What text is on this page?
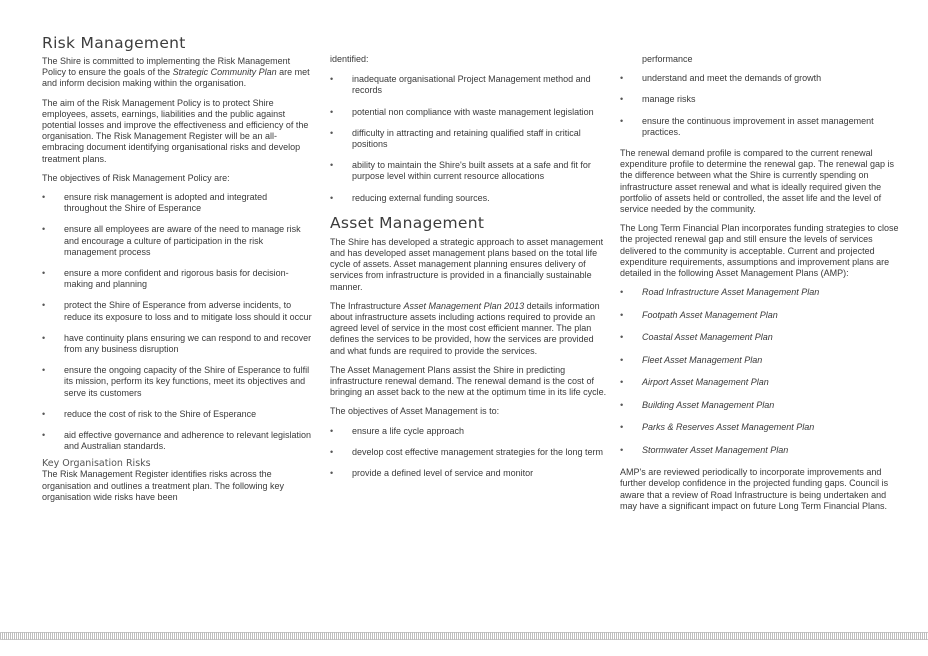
Risk Management

The Shire is committed to implementing the Risk Management Policy to ensure the goals of the Strategic Community Plan are met and inform decision making within the organisation.

The aim of the Risk Management Policy is to protect Shire employees, assets, earnings, liabilities and the public against potential losses and improve the effectiveness and efficiency of the organisation. The Risk Management Register will be an all-embracing document identifying organisational risks and develop treatment plans.

The objectives of Risk Management Policy are:

• ensure risk management is adopted and integrated throughout the Shire of Esperance
• ensure all employees are aware of the need to manage risk and encourage a culture of participation in the risk management process
• ensure a more confident and rigorous basis for decision-making and planning
• protect the Shire of Esperance from adverse incidents, to reduce its exposure to loss and to mitigate loss should it occur
• have continuity plans ensuring we can respond to and recover from any business disruption
• ensure the ongoing capacity of the Shire of Esperance to fulfil its mission, perform its key functions, meet its objectives and serve its customers
• reduce the cost of risk to the Shire of Esperance
• aid effective governance and adherence to relevant legislation and Australian standards.
Key Organisation Risks

The Risk Management Register identifies risks across the organisation and outlines a treatment plan. The following key organisation wide risks have been

identified:

• inadequate organisational Project Management method and records
• potential non compliance with waste management legislation
• difficulty in attracting and retaining qualified staff in critical positions
• ability to maintain the Shire's built assets at a safe and fit for purpose level within current resource allocations
• reducing external funding sources.
Asset Management

The Shire has developed a strategic approach to asset management and has developed asset management plans based on the total life cycle of assets. Asset management planning ensures delivery of services from infrastructure is provided in a financially sustainable manner.

The Infrastructure Asset Management Plan 2013 details information about infrastructure assets including actions required to provide an agreed level of service in the most cost efficient manner. The plan defines the services to be provided, how the services are provided and what funds are required to provide the services.

The Asset Management Plans assist the Shire in predicting infrastructure renewal demand. The renewal demand is the cost of bringing an asset back to the new at the optimum time in its life cycle.

The objectives of Asset Management is to:

• ensure a life cycle approach
• develop cost effective management strategies for the long term
• provide a defined level of service and monitor

performance

• understand and meet the demands of growth
• manage risks
• ensure the continuous improvement in asset management practices.

The renewal demand profile is compared to the current renewal expenditure profile to determine the renewal gap. The renewal gap is the difference between what the Shire is currently spending on infrastructure asset renewal and what is ideally required given the portfolio of assets held or controlled, the asset life and the level of service needed by the community.

The Long Term Financial Plan incorporates funding strategies to close the projected renewal gap and still ensure the levels of services delivered to the community is acceptable. Current and projected expenditure requirements, assumptions and improvement plans are detailed in the following Asset Management Plans (AMP):

• Road Infrastructure Asset Management Plan
• Footpath Asset Management Plan
• Coastal Asset Management Plan
• Fleet Asset Management Plan
• Airport Asset Management Plan
• Building Asset Management Plan
• Parks & Reserves Asset Management Plan
• Stormwater Asset Management Plan

AMP's are reviewed periodically to incorporate improvements and further develop confidence in the projected funding gaps. Council is aware that a review of Road Infrastructure is being undertaken and may have a significant impact on future Long Term Financial Plans.
